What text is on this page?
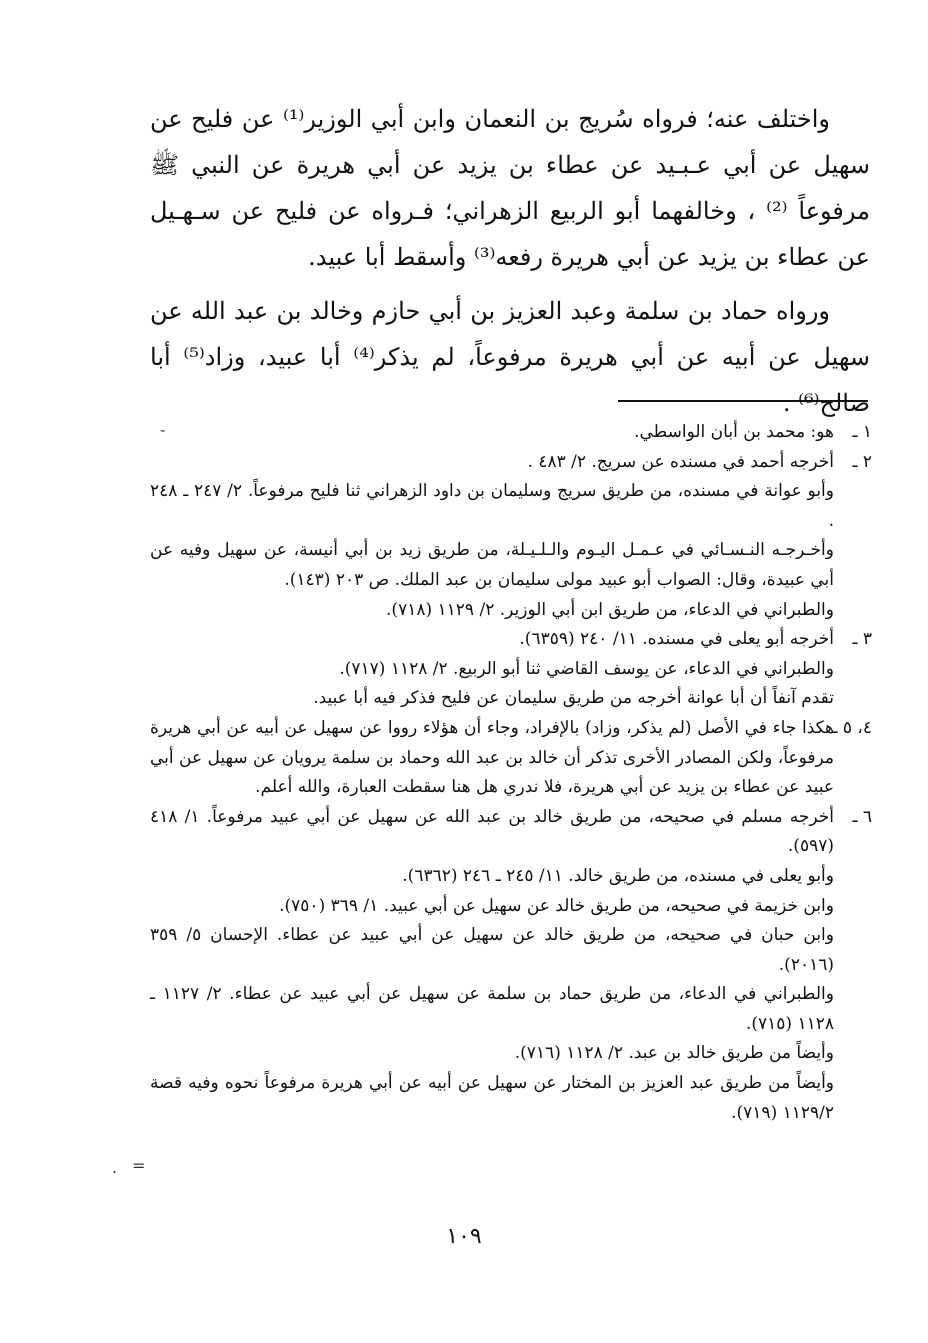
واختلف عنه؛ فرواه سُريج بن النعمان وابن أبي الوزير⁽¹⁾ عن فليح عن سهيل عن أبي عـبـيد عن عطاء بن يزيد عن أبي هريرة عن النبي ﷺ مرفوعاً ⁽²⁾ ، وخالفهما أبو الربيع الزهراني؛ فـرواه عن فليح عن سـهـيل عن عطاء بن يزيد عن أبي هريرة رفعه⁽³⁾ وأسقط أبا عبيد.

ورواه حماد بن سلمة وعبد العزيز بن أبي حازم وخالد بن عبد الله عن سهيل عن أبيه عن أبي هريرة مرفوعاً، لم يذكر⁽⁴⁾ أبا عبيد، وزاد⁽⁵⁾ أبا صالح⁽⁶⁾ .

١ ـ
هو: محمد بن أبان الواسطي.
٢ ـ
أخرجه أحمد في مسنده عن سريج. ٢/ ٤٨٣ .
وأبو عوانة في مسنده، من طريق سريج وسليمان بن داود الزهراني ثنا فليح مرفوعاً. ٢/ ٢٤٧ ـ ٢٤٨ .
وأخـرجـه النـسـائي في عـمـل اليـوم والـلـيـلة، من طريق زيد بن أبي أنيسة، عن سهيل وفيه عن أبي عبيدة، وقال: الصواب أبو عبيد مولى سليمان بن عبد الملك. ص ٢٠٣ (١٤٣).
والطبراني في الدعاء، من طريق ابن أبي الوزير. ٢/ ١١٢٩ (٧١٨).
٣ ـ
أخرجه أبو يعلى في مسنده. ١١/ ٢٤٠ (٦٣٥٩).
والطبراني في الدعاء، عن يوسف القاضي ثنا أبو الربيع. ٢/ ١١٢٨ (٧١٧).
تقدم آنفاً أن أبا عوانة أخرجه من طريق سليمان عن فليح فذكر فيه أبا عبيد.
٤، ٥ ـ
هكذا جاء في الأصل (لم يذكر، وزاد) بالإفراد، وجاء أن هؤلاء رووا عن سهيل عن أبيه عن أبي هريرة مرفوعاً، ولكن المصادر الأخرى تذكر أن خالد بن عبد الله وحماد بن سلمة يرويان عن سهيل عن أبي عبيد عن عطاء بن يزيد عن أبي هريرة، فلا ندري هل هنا سقطت العبارة، والله أعلم.
٦ ـ
أخرجه مسلم في صحيحه، من طريق خالد بن عبد الله عن سهيل عن أبي عبيد مرفوعاً. ١/ ٤١٨ (٥٩٧).
وأبو يعلى في مسنده، من طريق خالد. ١١/ ٢٤٥ ـ ٢٤٦ (٦٣٦٢).
وابن خزيمة في صحيحه، من طريق خالد عن سهيل عن أبي عبيد. ١/ ٣٦٩ (٧٥٠).
وابن حبان في صحيحه، من طريق خالد عن سهيل عن أبي عبيد عن عطاء. الإحسان ٥/ ٣٥٩ (٢٠١٦).
والطبراني في الدعاء، من طريق حماد بن سلمة عن سهيل عن أبي عبيد عن عطاء. ٢/ ١١٢٧ ـ ١١٢٨ (٧١٥).
وأيضاً من طريق خالد بن عبد. ٢/ ١١٢٨ (٧١٦).
وأيضاً من طريق عبد العزيز بن المختار عن سهيل عن أبيه عن أبي هريرة مرفوعاً نحوه وفيه قصة ١١٢٩/٢ (٧١٩).
-
. =
١٠٩
